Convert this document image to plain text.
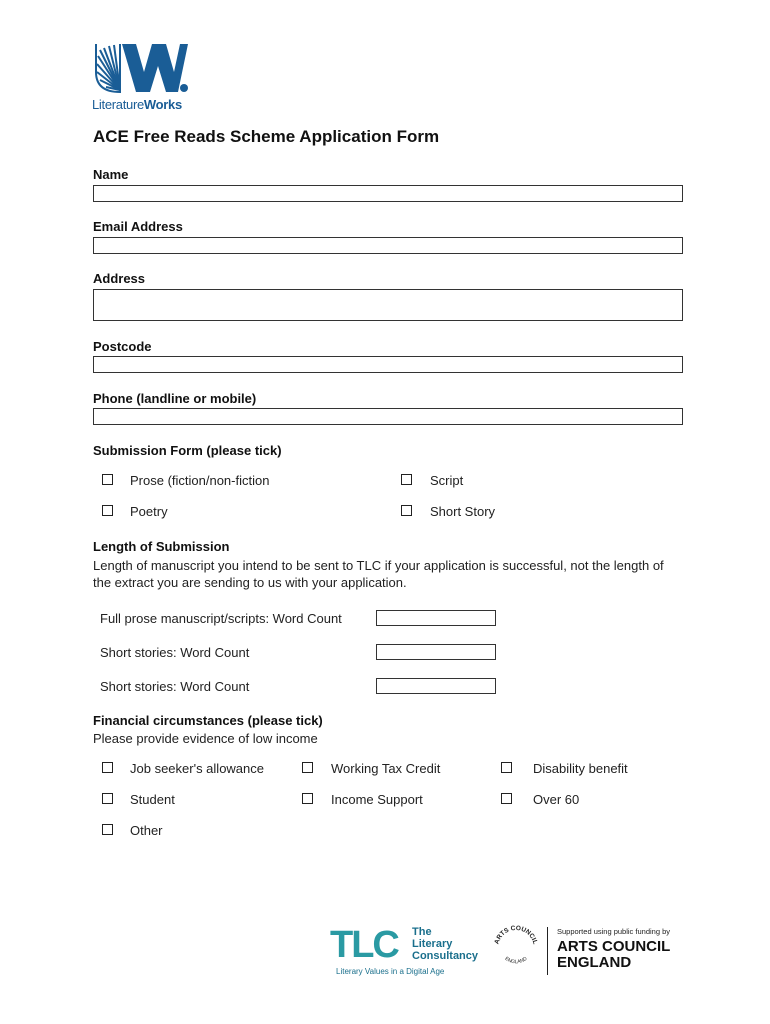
LiteratureWorks
ACE Free Reads Scheme Application Form
Name
Email Address
Address
Postcode
Phone (landline or mobile)
Submission Form (please tick)
Prose (fiction/non-fiction	Script
Poetry	Short Story
Length of Submission
Length of manuscript you intend to be sent to TLC if your application is successful, not the length of the extract you are sending to us with your application.
Full prose manuscript/scripts: Word Count
Short stories: Word Count
Short stories: Word Count
Financial circumstances (please tick)
Please provide evidence of low income
Job seeker's allowance	Working Tax Credit	Disability benefit
Student	Income Support	Over 60
Other
TLC The
Literary
Consultancy
Literary Values in a Digital Age
ARTS COUNCIL
ENGLAND
Supported using public funding by
ARTS COUNCIL
ENGLAND
